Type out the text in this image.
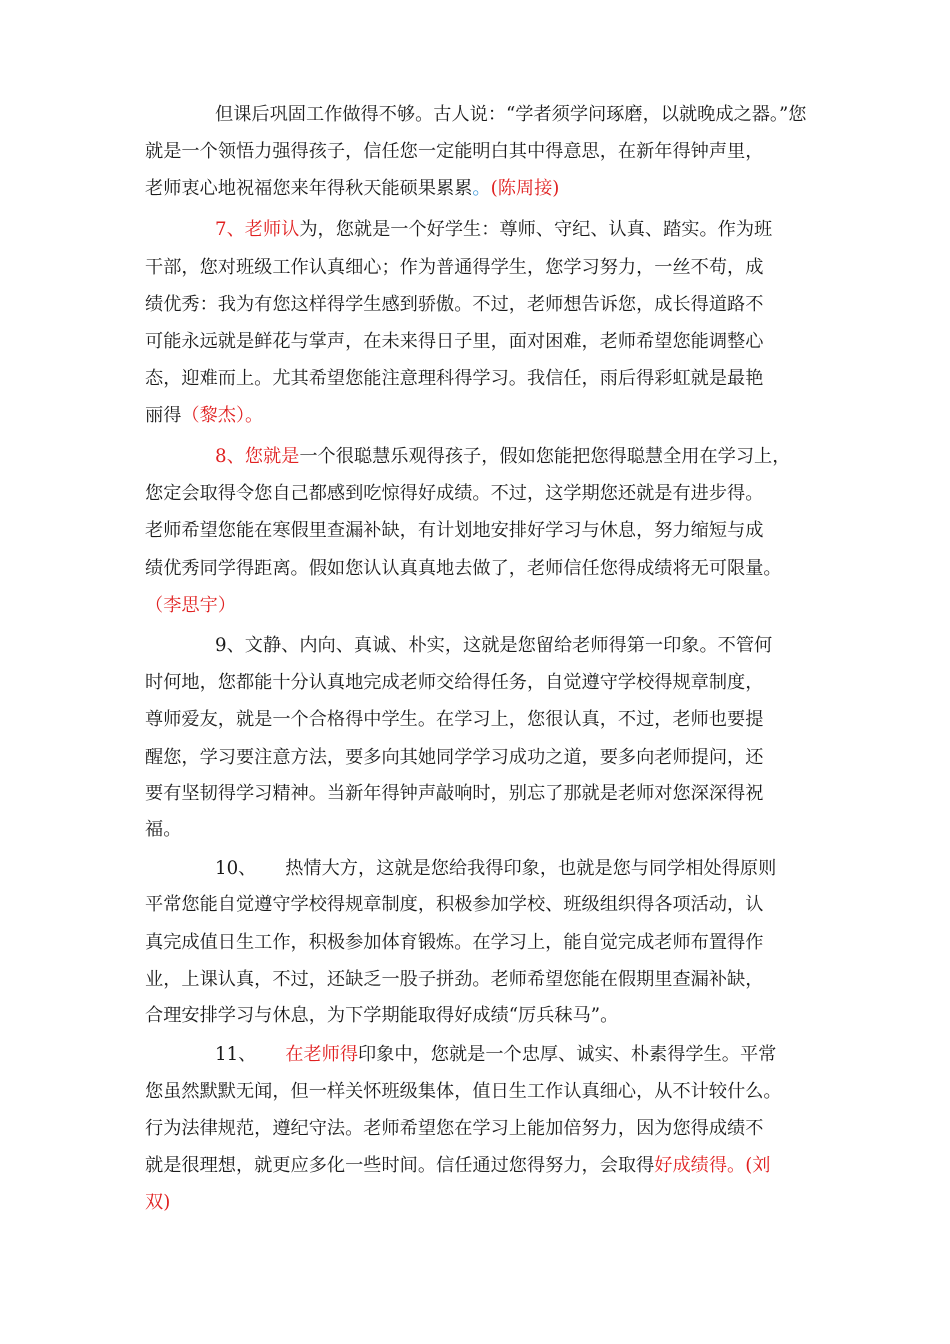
但课后巩固工作做得不够。古人说：“学者须学问琢磨，以就晚成之器。”您
就是一个领悟力强得孩子，信任您一定能明白其中得意思，在新年得钟声里，
老师衷心地祝福您来年得秋天能硕果累累。(陈周接)
7、老师认为，您就是一个好学生：尊师、守纪、认真、踏实。作为班
干部，您对班级工作认真细心；作为普通得学生，您学习努力，一丝不苟，成
绩优秀：我为有您这样得学生感到骄傲。不过，老师想告诉您，成长得道路不
可能永远就是鲜花与掌声，在未来得日子里，面对困难，老师希望您能调整心
态，迎难而上。尤其希望您能注意理科得学习。我信任，雨后得彩虹就是最艳
丽得（黎杰）。
8、您就是一个很聪慧乐观得孩子，假如您能把您得聪慧全用在学习上，
您定会取得令您自己都感到吃惊得好成绩。不过，这学期您还就是有进步得。
老师希望您能在寒假里查漏补缺，有计划地安排好学习与休息，努力缩短与成
绩优秀同学得距离。假如您认认真真地去做了，老师信任您得成绩将无可限量。
（李思宇）
9、文静、内向、真诚、朴实，这就是您留给老师得第一印象。不管何
时何地，您都能十分认真地完成老师交给得任务，自觉遵守学校得规章制度，
尊师爱友，就是一个合格得中学生。在学习上，您很认真，不过，老师也要提
醒您，学习要注意方法，要多向其她同学学习成功之道，要多向老师提问，还
要有坚韧得学习精神。当新年得钟声敲响时，别忘了那就是老师对您深深得祝
福。
10、     热情大方，这就是您给我得印象，也就是您与同学相处得原则
平常您能自觉遵守学校得规章制度，积极参加学校、班级组织得各项活动，认
真完成值日生工作，积极参加体育锻炼。在学习上，能自觉完成老师布置得作
业，上课认真，不过，还缺乏一股子拼劲。老师希望您能在假期里查漏补缺，
合理安排学习与休息，为下学期能取得好成绩“厉兵秣马”。
11、     在老师得印象中，您就是一个忠厚、诚实、朴素得学生。平常
您虽然默默无闻，但一样关怀班级集体，值日生工作认真细心，从不计较什么。
行为法律规范，遵纪守法。老师希望您在学习上能加倍努力，因为您得成绩不
就是很理想，就更应多化一些时间。信任通过您得努力，会取得好成绩得。(刘
双)
